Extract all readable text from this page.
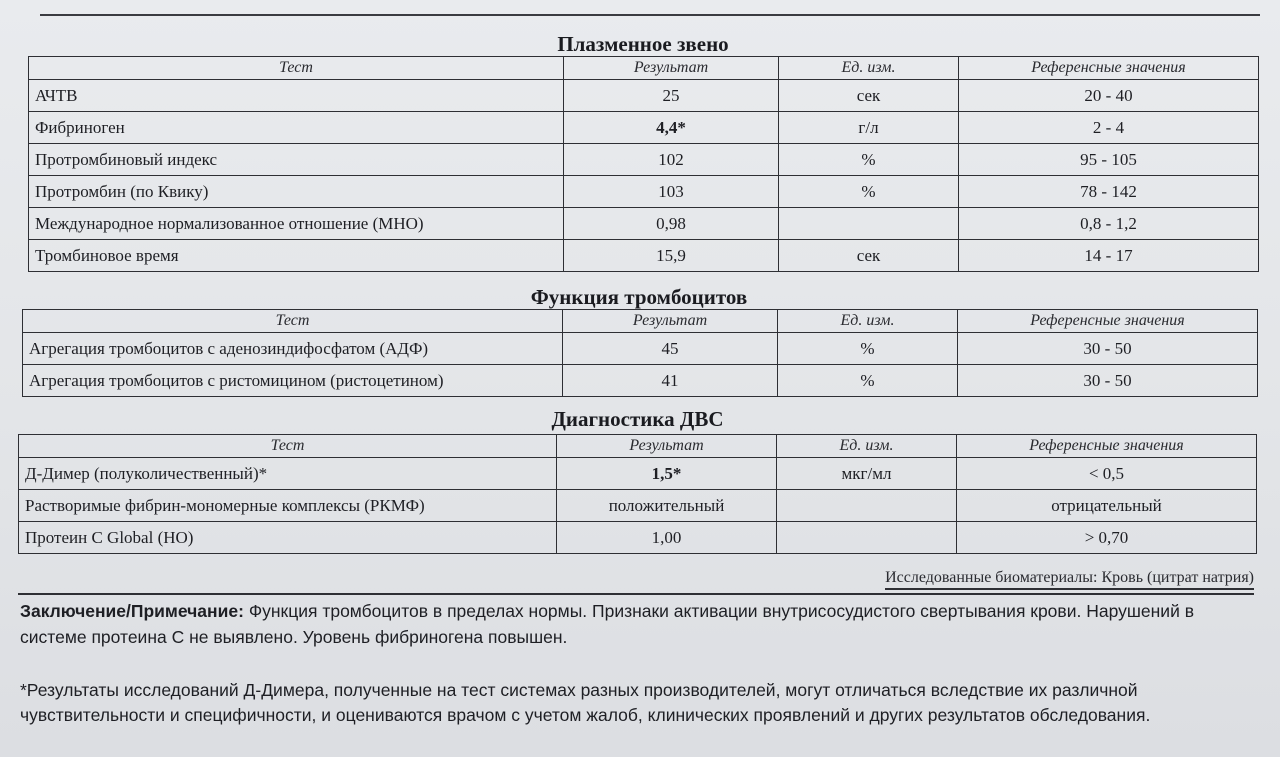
Плазменное звено
Тест	Результат	Ед. изм.	Референсные значения
АЧТВ	25	сек	20 - 40
Фибриноген	4,4*	г/л	2 - 4
Протромбиновый индекс	102	%	95 - 105
Протромбин (по Квику)	103	%	78 - 142
Международное нормализованное отношение (МНО)	0,98		0,8 - 1,2
Тромбиновое время	15,9	сек	14 - 17
Функция тромбоцитов
Тест	Результат	Ед. изм.	Референсные значения
Агрегация тромбоцитов с аденозиндифосфатом (АДФ)	45	%	30 - 50
Агрегация тромбоцитов с ристомицином (ристоцетином)	41	%	30 - 50
Диагностика ДВС
Тест	Результат	Ед. изм.	Референсные значения
Д-Димер (полуколичественный)*	1,5*	мкг/мл	< 0,5
Растворимые фибрин-мономерные комплексы (РКМФ)	положительный		отрицательный
Протеин С Global (НО)	1,00		> 0,70
Исследованные биоматериалы: Кровь (цитрат натрия)
Заключение/Примечание: Функция тромбоцитов в пределах нормы. Признаки активации внутрисосудистого свертывания крови. Нарушений в системе протеина С не выявлено. Уровень фибриногена повышен.
*Результаты исследований Д-Димера, полученные на тест системах разных производителей, могут отличаться вследствие их различной чувствительности и специфичности, и оцениваются врачом с учетом жалоб, клинических проявлений и других результатов обследования.
